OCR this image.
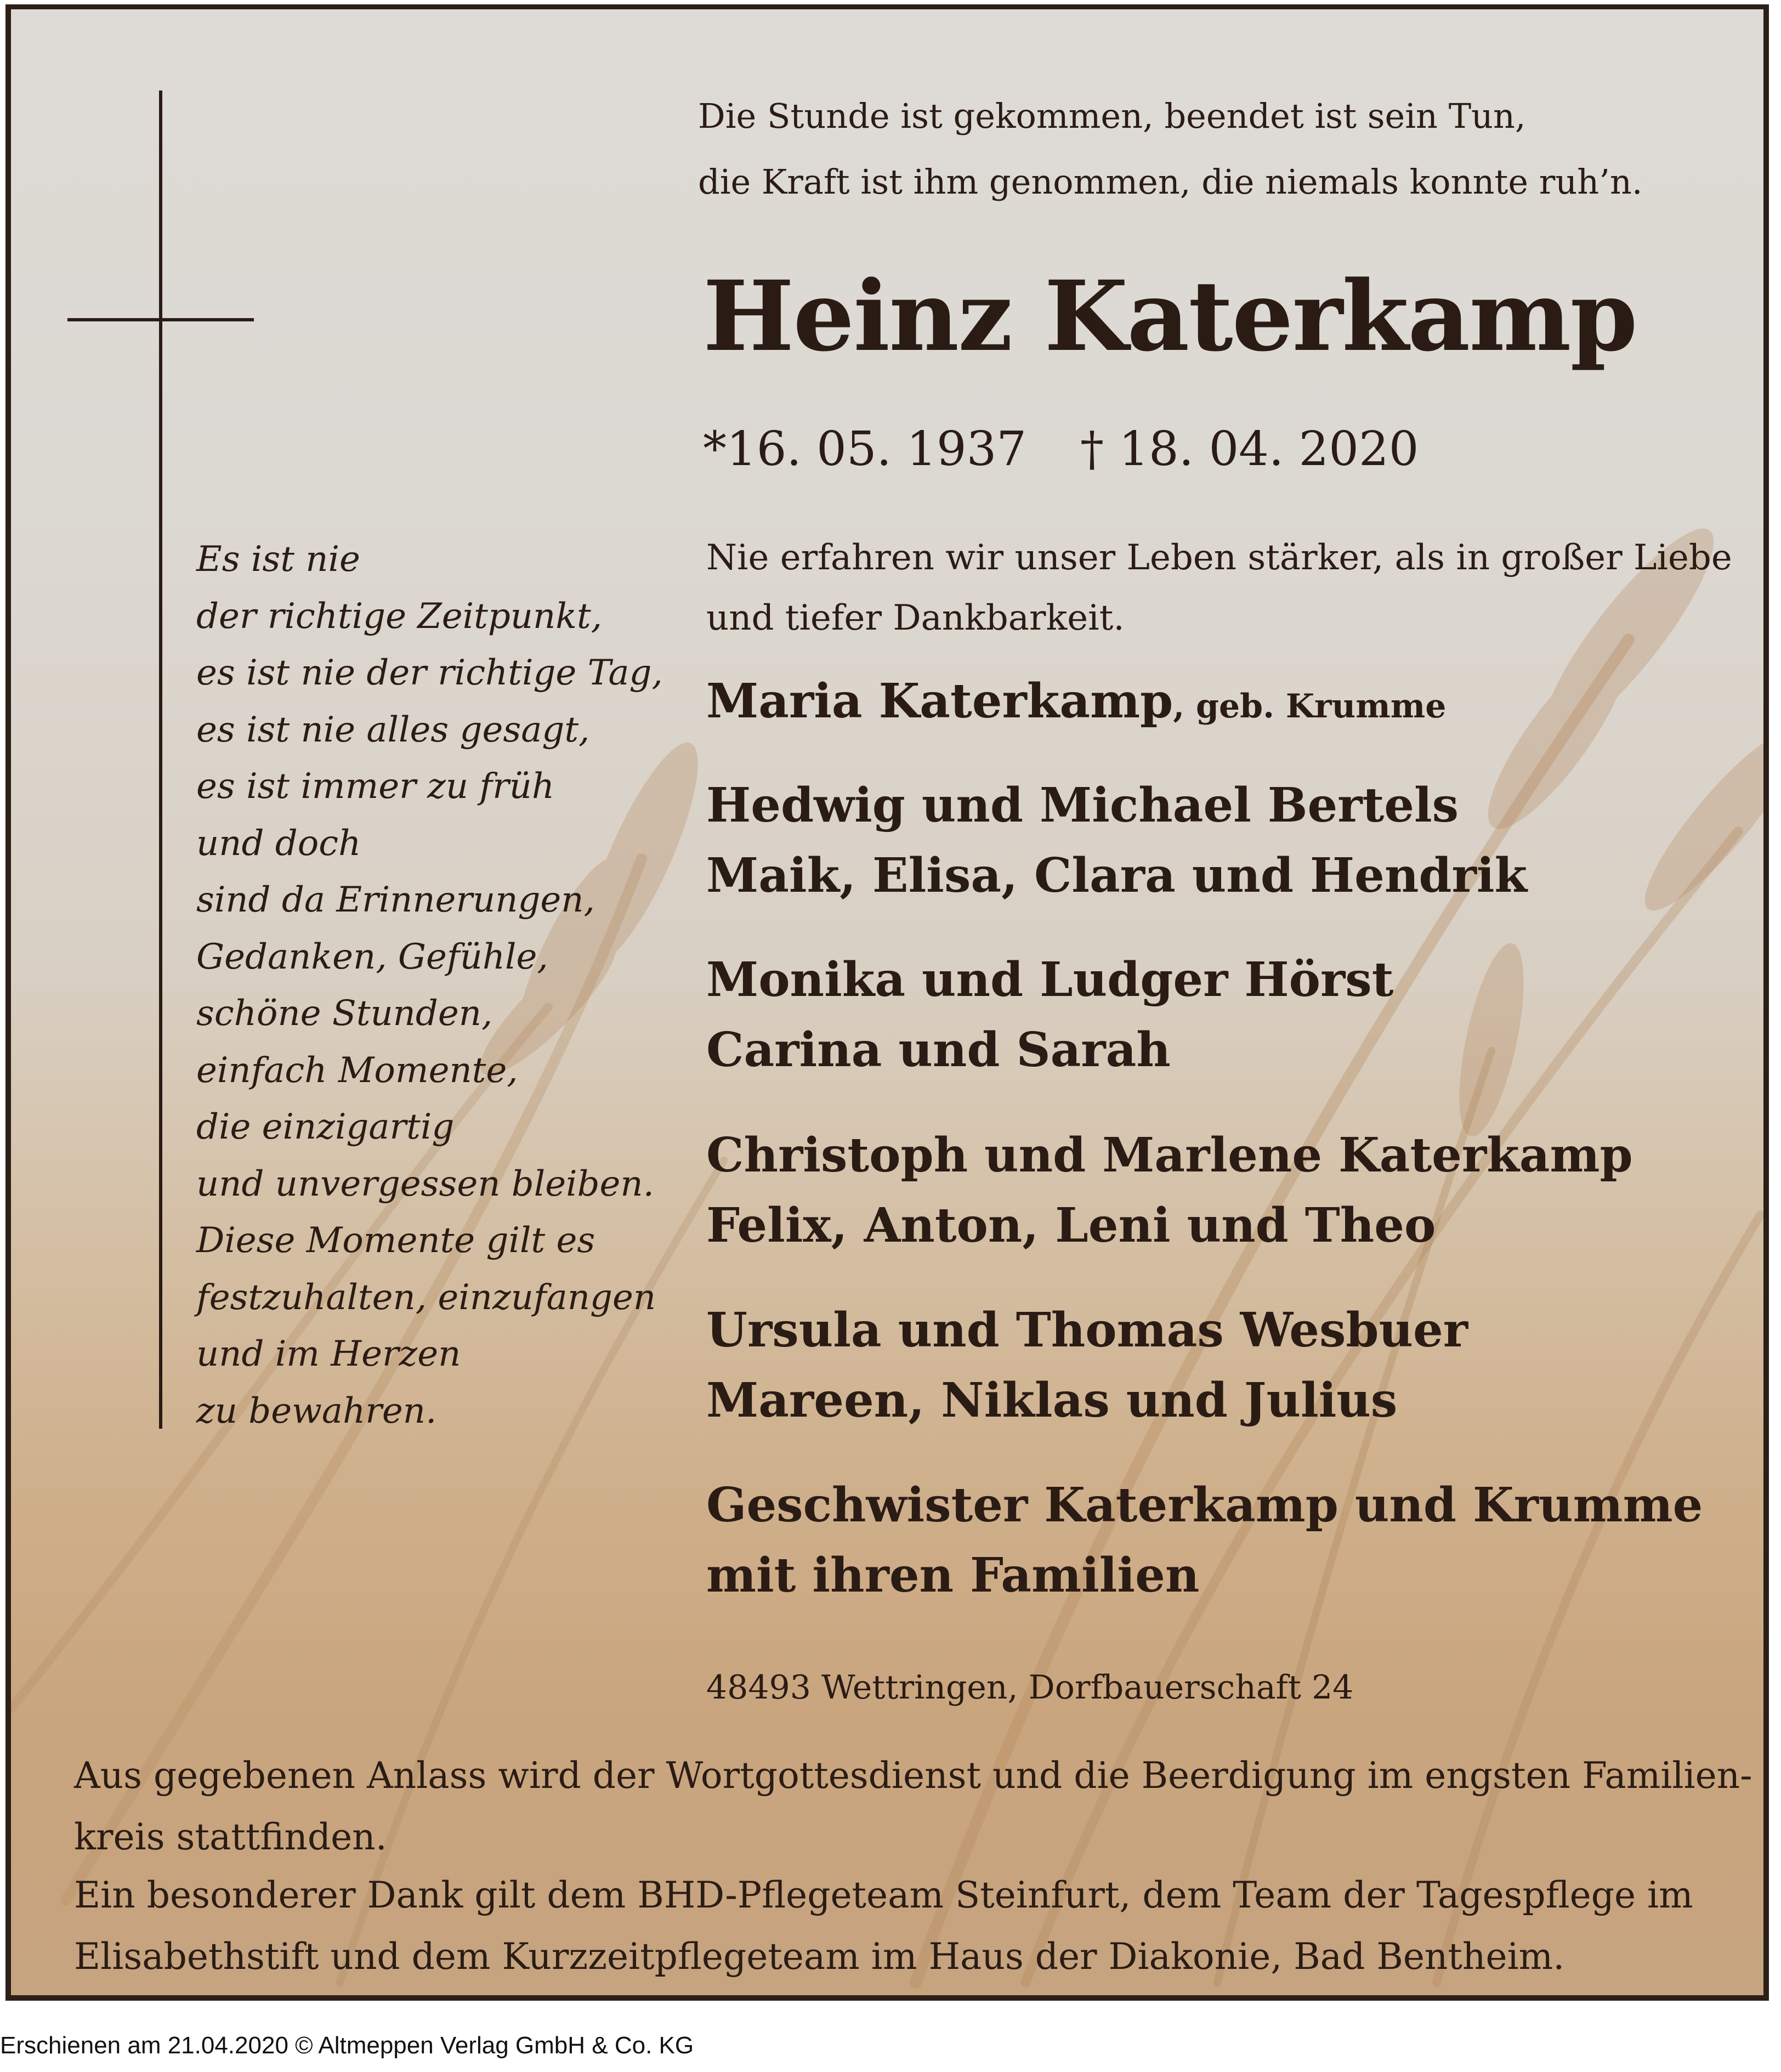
Die Stunde ist gekommen, beendet ist sein Tun,
die Kraft ist ihm genommen, die niemals konnte ruh’n.
Heinz Katerkamp
*16. 05. 1937 † 18. 04. 2020
Es ist nie
der richtige Zeitpunkt,
es ist nie der richtige Tag,
es ist nie alles gesagt,
es ist immer zu früh
und doch
sind da Erinnerungen,
Gedanken, Gefühle,
schöne Stunden,
einfach Momente,
die einzigartig
und unvergessen bleiben.
Diese Momente gilt es
festzuhalten, einzufangen
und im Herzen
zu bewahren.
Nie erfahren wir unser Leben stärker, als in großer Liebe
und tiefer Dankbarkeit.
Maria Katerkamp, geb. Krumme
Hedwig und Michael Bertels
Maik, Elisa, Clara und Hendrik
Monika und Ludger Hörst
Carina und Sarah
Christoph und Marlene Katerkamp
Felix, Anton, Leni und Theo
Ursula und Thomas Wesbuer
Mareen, Niklas und Julius
Geschwister Katerkamp und Krumme
mit ihren Familien
48493 Wettringen, Dorfbauerschaft 24
Aus gegebenen Anlass wird der Wortgottesdienst und die Beerdigung im engsten Familien-
kreis stattfinden.
Ein besonderer Dank gilt dem BHD-Pflegeteam Steinfurt, dem Team der Tagespflege im
Elisabethstift und dem Kurzzeitpflegeteam im Haus der Diakonie, Bad Bentheim.
Erschienen am 21.04.2020 © Altmeppen Verlag GmbH & Co. KG
